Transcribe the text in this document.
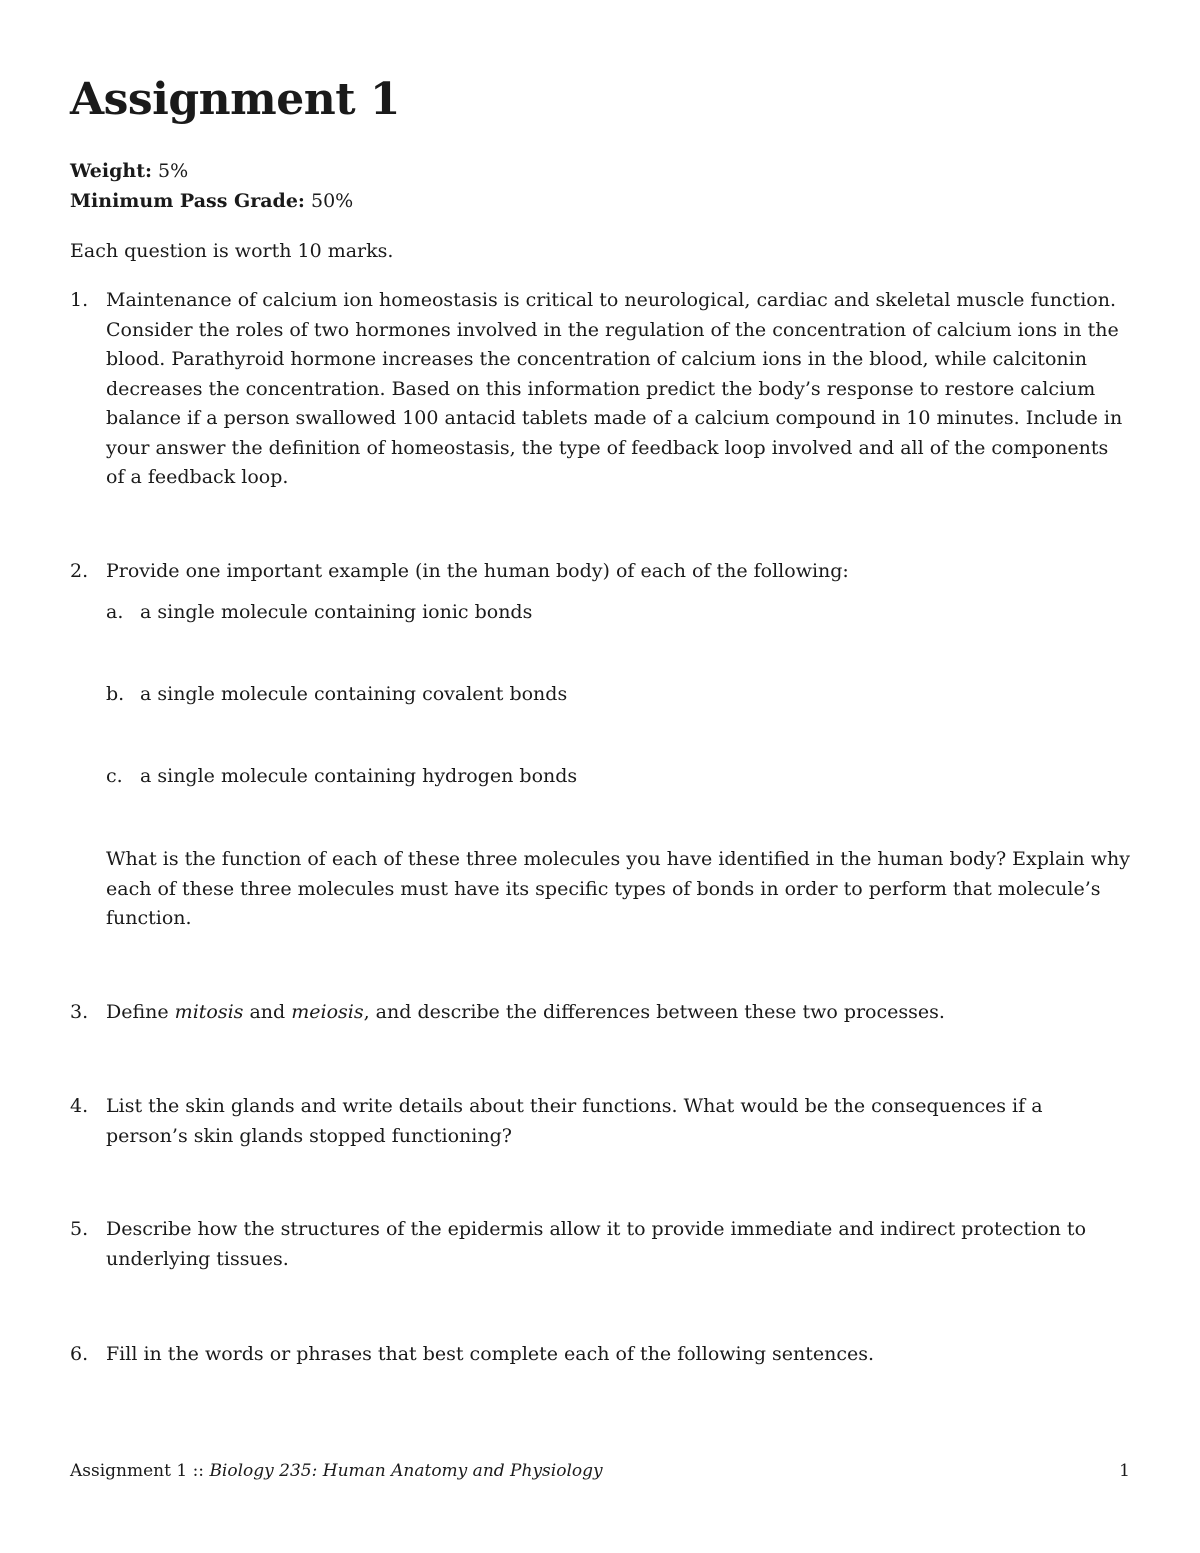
Assignment 1
Weight: 5%
Minimum Pass Grade: 50%
Each question is worth 10 marks.
1. Maintenance of calcium ion homeostasis is critical to neurological, cardiac and skeletal muscle function. Consider the roles of two hormones involved in the regulation of the concentration of calcium ions in the blood. Parathyroid hormone increases the concentration of calcium ions in the blood, while calcitonin decreases the concentration. Based on this information predict the body’s response to restore calcium balance if a person swallowed 100 antacid tablets made of a calcium compound in 10 minutes. Include in your answer the definition of homeostasis, the type of feedback loop involved and all of the components of a feedback loop.
2. Provide one important example (in the human body) of each of the following:
a. a single molecule containing ionic bonds
b. a single molecule containing covalent bonds
c. a single molecule containing hydrogen bonds
What is the function of each of these three molecules you have identified in the human body? Explain why each of these three molecules must have its specific types of bonds in order to perform that molecule’s function.
3. Define mitosis and meiosis, and describe the differences between these two processes.
4. List the skin glands and write details about their functions. What would be the consequences if a person’s skin glands stopped functioning?
5. Describe how the structures of the epidermis allow it to provide immediate and indirect protection to underlying tissues.
6. Fill in the words or phrases that best complete each of the following sentences.
Assignment 1 :: Biology 235: Human Anatomy and Physiology	1
